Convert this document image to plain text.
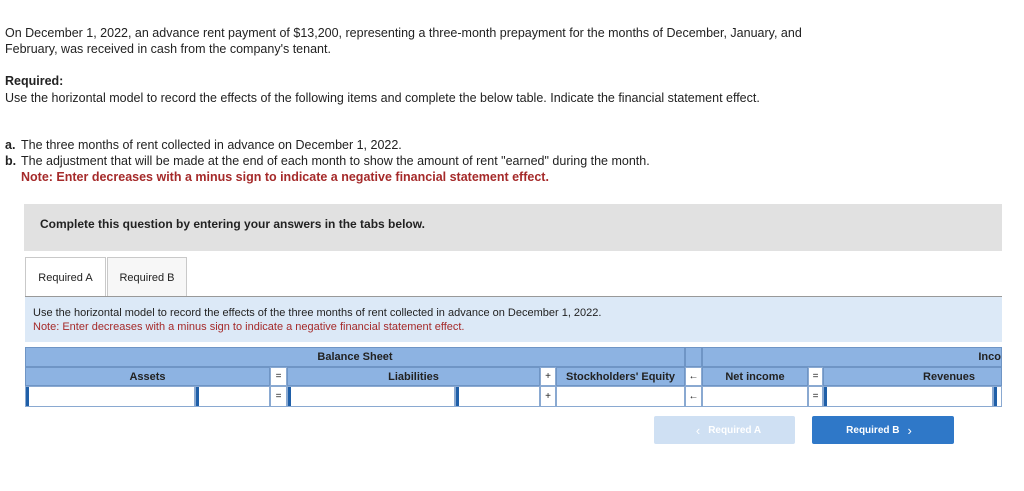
On December 1, 2022, an advance rent payment of $13,200, representing a three-month prepayment for the months of December, January, and February, was received in cash from the company's tenant.
Required:
Use the horizontal model to record the effects of the following items and complete the below table. Indicate the financial statement effect.
a. The three months of rent collected in advance on December 1, 2022.
b. The adjustment that will be made at the end of each month to show the amount of rent "earned" during the month.
Note: Enter decreases with a minus sign to indicate a negative financial statement effect.
Complete this question by entering your answers in the tabs below.
Required A	Required B
Use the horizontal model to record the effects of the three months of rent collected in advance on December 1, 2022.
Note: Enter decreases with a minus sign to indicate a negative financial statement effect.
Balance Sheet	Inco
Assets	=	Liabilities	+	Stockholders' Equity	←	Net income	=	Revenues
=	+	←	=
‹ Required A	Required B ›
